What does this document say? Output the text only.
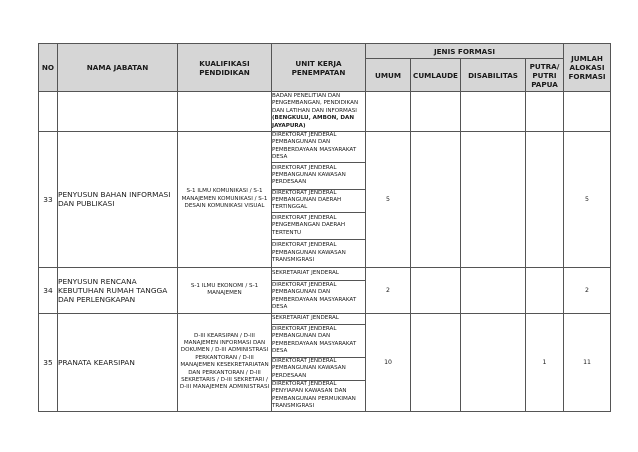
NO	NAMA JABATAN	KUALIFIKASI PENDIDIKAN	UNIT KERJA PENEMPATAN	JENIS FORMASI				JUMLAH ALOKASI FORMASI
				UMUM	CUMLAUDE	DISABILITAS	PUTRA/ PUTRI PAPUA	

			BADAN PENELITIAN DAN PENGEMBANGAN, PENDIDIKAN DAN LATIHAN DAN INFORMASI
(BENGKULU, AMBON, DAN JAYAPURA)					

33	PENYUSUN BAHAN INFORMASI DAN PUBLIKASI	S-1 ILMU KOMUNIKASI / S-1 MANAJEMEN KOMUNIKASI / S-1 DESAIN KOMUNIKASI VISUAL	DIREKTORAT JENDERAL PEMBANGUNAN DAN PEMBERDAYAAN MASYARAKAT DESA	5				5
			DIREKTORAT JENDERAL PEMBANGUNAN KAWASAN PERDESAAN					
			DIREKTORAT JENDERAL PEMBANGUNAN DAERAH TERTINGGAL					
			DIREKTORAT JENDERAL PENGEMBANGAN DAERAH TERTENTU					
			DIREKTORAT JENDERAL PEMBANGUNAN KAWASAN TRANSMIGRASI					
34	PENYUSUN RENCANA KEBUTUHAN RUMAH TANGGA DAN PERLENGKAPAN	S-1 ILMU EKONOMI / S-1 MANAJEMEN	SEKRETARIAT JENDERAL	2				2
			DIREKTORAT JENDERAL PEMBANGUNAN DAN PEMBERDAYAAN MASYARAKAT DESA					
35	PRANATA KEARSIPAN	D-III KEARSIPAN / D-III MANAJEMEN INFORMASI DAN DOKUMEN / D-III ADMINISTRASI PERKANTORAN / D-III MANAJEMEN KESEKRETARIATAN DAN PERKANTORAN / D-III SEKRETARIS / D-III SEKRETARI / D-III MANAJEMEN ADMINISTRASI	SEKRETARIAT JENDERAL	10			1	11
			DIREKTORAT JENDERAL PEMBANGUNAN DAN PEMBERDAYAAN MASYARAKAT DESA					
			DIREKTORAT JENDERAL PEMBANGUNAN KAWASAN PERDESAAN					
			DIREKTORAT JENDERAL PENYIAPAN KAWASAN DAN PEMBANGUNAN PERMUKIMAN TRANSMIGRASI					
